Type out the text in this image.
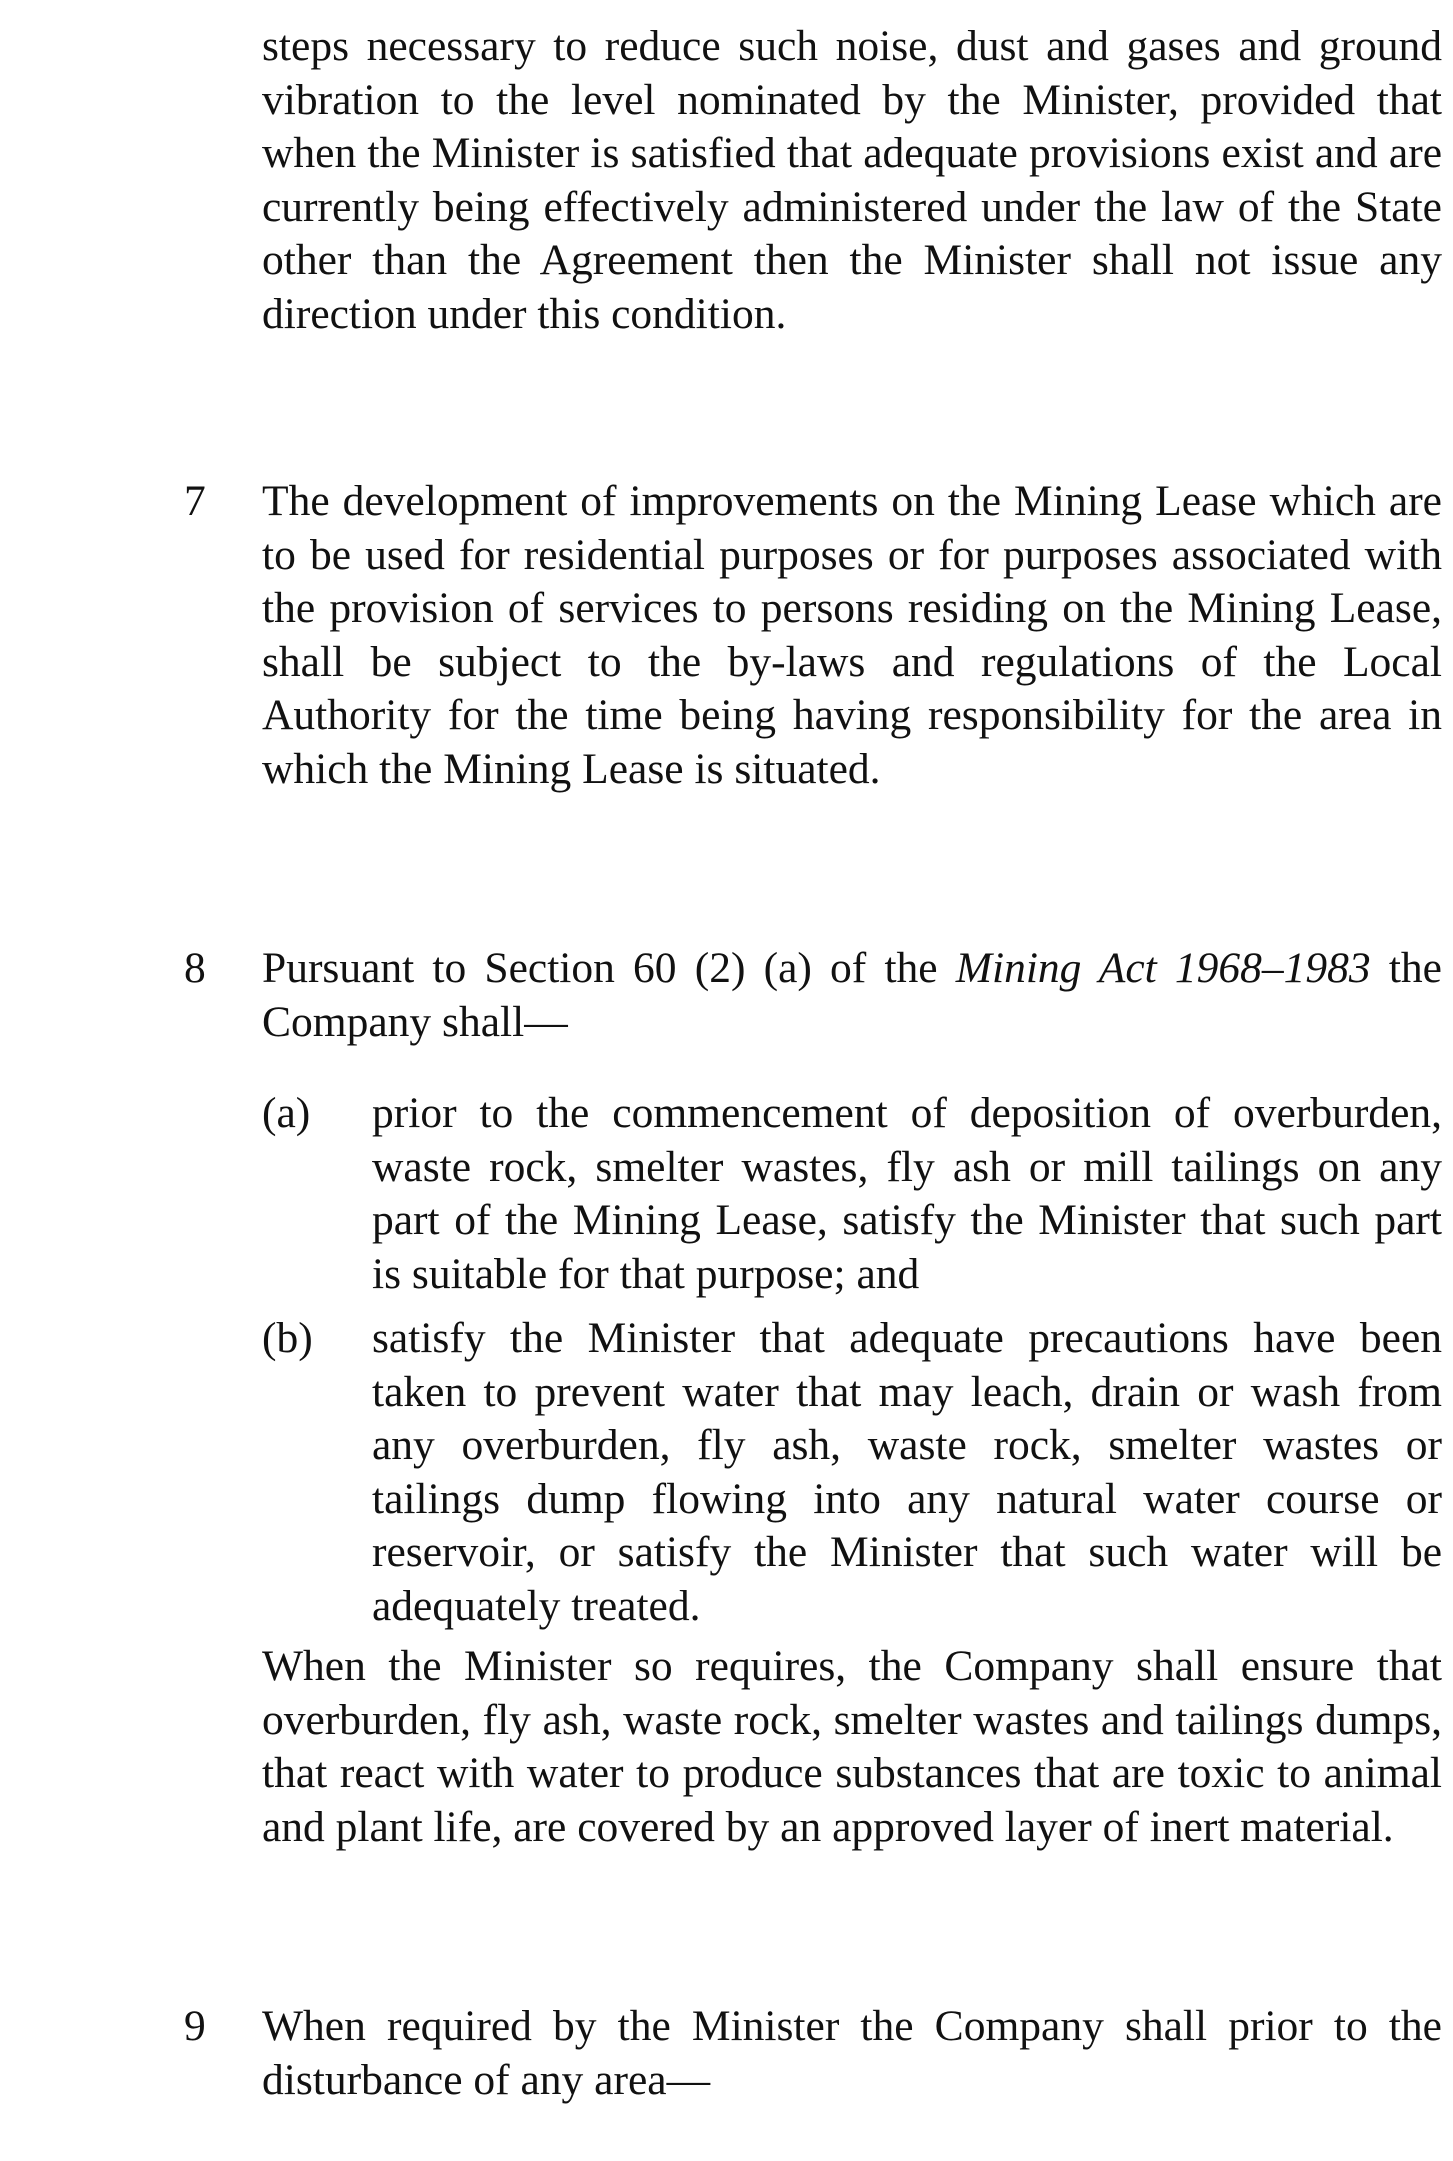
steps necessary to reduce such noise, dust and gases and ground vibration to the level nominated by the Minister, provided that when the Minister is satisfied that adequate provisions exist and are currently being effectively administered under the law of the State other than the Agreement then the Minister shall not issue any direction under this condition.

7 The development of improvements on the Mining Lease which are to be used for residential purposes or for purposes associated with the provision of services to persons residing on the Mining Lease, shall be subject to the by-laws and regulations of the Local Authority for the time being having responsibility for the area in which the Mining Lease is situated.

8 Pursuant to Section 60 (2) (a) of the Mining Act 1968–1983 the Company shall—

(a) prior to the commencement of deposition of overburden, waste rock, smelter wastes, fly ash or mill tailings on any part of the Mining Lease, satisfy the Minister that such part is suitable for that purpose; and

(b) satisfy the Minister that adequate precautions have been taken to prevent water that may leach, drain or wash from any overburden, fly ash, waste rock, smelter wastes or tailings dump flowing into any natural water course or reservoir, or satisfy the Minister that such water will be adequately treated.

When the Minister so requires, the Company shall ensure that overburden, fly ash, waste rock, smelter wastes and tailings dumps, that react with water to produce substances that are toxic to animal and plant life, are covered by an approved layer of inert material.

9 When required by the Minister the Company shall prior to the disturbance of any area—
